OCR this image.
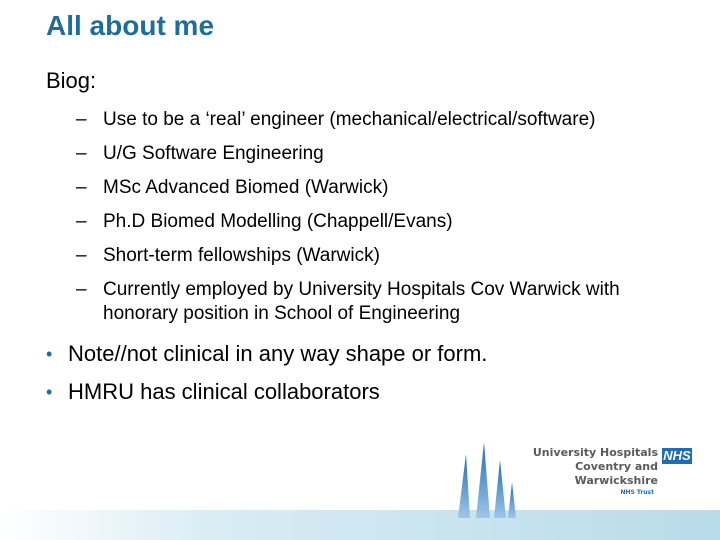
All about me
Biog:
– Use to be a ‘real’ engineer (mechanical/electrical/software)
– U/G Software Engineering
– MSc Advanced Biomed (Warwick)
– Ph.D Biomed Modelling (Chappell/Evans)
– Short-term fellowships (Warwick)
– Currently employed by University Hospitals Cov Warwick with honorary position in School of Engineering
• Note//not clinical in any way shape or form.
• HMRU has clinical collaborators
University Hospitals
Coventry and Warwickshire
NHS Trust
NHS
